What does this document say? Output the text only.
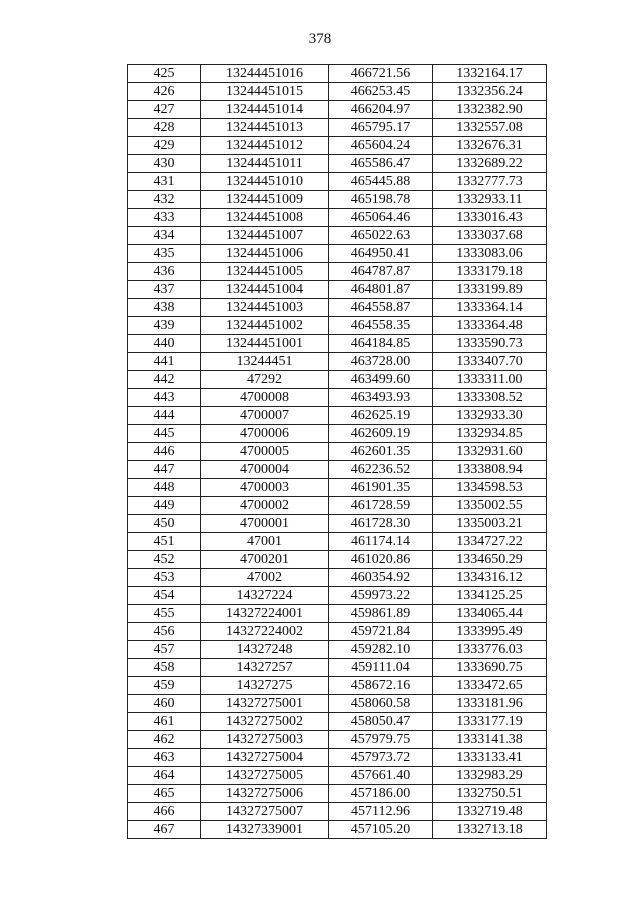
378
425	13244451016	466721.56	1332164.17
426	13244451015	466253.45	1332356.24
427	13244451014	466204.97	1332382.90
428	13244451013	465795.17	1332557.08
429	13244451012	465604.24	1332676.31
430	13244451011	465586.47	1332689.22
431	13244451010	465445.88	1332777.73
432	13244451009	465198.78	1332933.11
433	13244451008	465064.46	1333016.43
434	13244451007	465022.63	1333037.68
435	13244451006	464950.41	1333083.06
436	13244451005	464787.87	1333179.18
437	13244451004	464801.87	1333199.89
438	13244451003	464558.87	1333364.14
439	13244451002	464558.35	1333364.48
440	13244451001	464184.85	1333590.73
441	13244451	463728.00	1333407.70
442	47292	463499.60	1333311.00
443	4700008	463493.93	1333308.52
444	4700007	462625.19	1332933.30
445	4700006	462609.19	1332934.85
446	4700005	462601.35	1332931.60
447	4700004	462236.52	1333808.94
448	4700003	461901.35	1334598.53
449	4700002	461728.59	1335002.55
450	4700001	461728.30	1335003.21
451	47001	461174.14	1334727.22
452	4700201	461020.86	1334650.29
453	47002	460354.92	1334316.12
454	14327224	459973.22	1334125.25
455	14327224001	459861.89	1334065.44
456	14327224002	459721.84	1333995.49
457	14327248	459282.10	1333776.03
458	14327257	459111.04	1333690.75
459	14327275	458672.16	1333472.65
460	14327275001	458060.58	1333181.96
461	14327275002	458050.47	1333177.19
462	14327275003	457979.75	1333141.38
463	14327275004	457973.72	1333133.41
464	14327275005	457661.40	1332983.29
465	14327275006	457186.00	1332750.51
466	14327275007	457112.96	1332719.48
467	14327339001	457105.20	1332713.18
